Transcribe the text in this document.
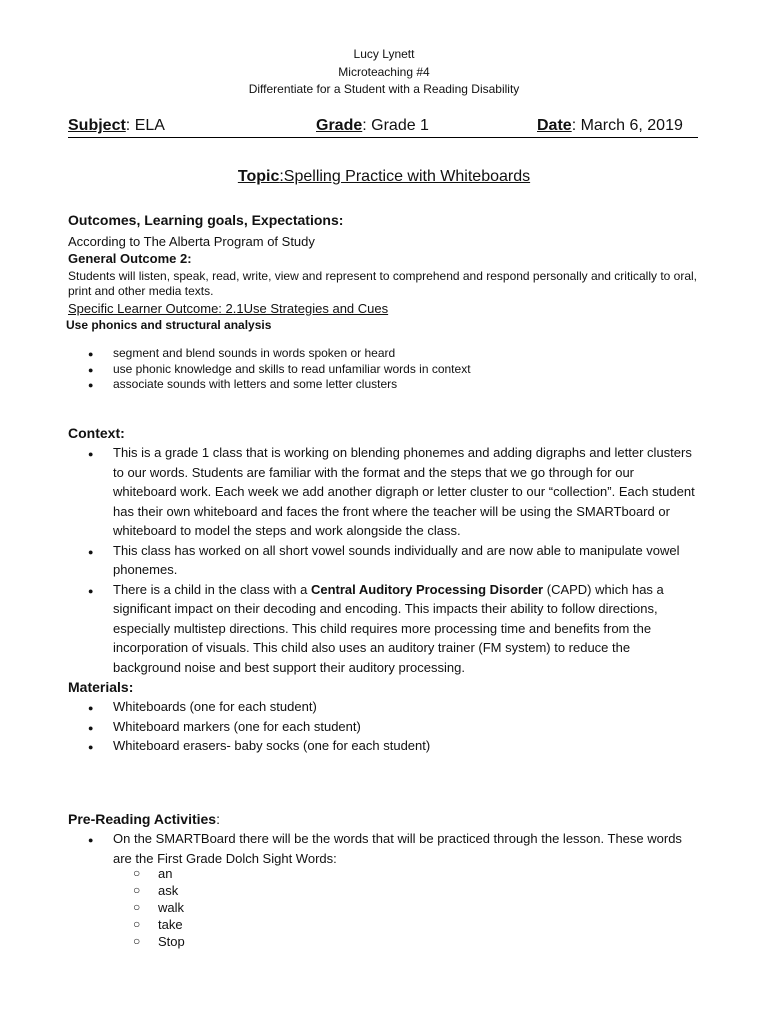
Lucy Lynett
Microteaching #4
Differentiate for a Student with a Reading Disability
Subject: ELA	Grade: Grade 1	Date: March 6, 2019
Topic:Spelling Practice with Whiteboards
Outcomes, Learning goals, Expectations:
According to The Alberta Program of Study
General Outcome 2:
Students will listen, speak, read, write, view and represent to comprehend and respond personally and critically to oral, print and other media texts.
Specific Learner Outcome: 2.1Use Strategies and Cues
Use phonics and structural analysis
● segment and blend sounds in words spoken or heard
● use phonic knowledge and skills to read unfamiliar words in context
● associate sounds with letters and some letter clusters
Context:
● This is a grade 1 class that is working on blending phonemes and adding digraphs and letter clusters to our words. Students are familiar with the format and the steps that we go through for our whiteboard work. Each week we add another digraph or letter cluster to our “collection”. Each student has their own whiteboard and faces the front where the teacher will be using the SMARTboard or whiteboard to model the steps and work alongside the class.
● This class has worked on all short vowel sounds individually and are now able to manipulate vowel phonemes.
● There is a child in the class with a Central Auditory Processing Disorder (CAPD) which has a significant impact on their decoding and encoding. This impacts their ability to follow directions, especially multistep directions. This child requires more processing time and benefits from the incorporation of visuals. This child also uses an auditory trainer (FM system) to reduce the background noise and best support their auditory processing.
Materials:
● Whiteboards (one for each student)
● Whiteboard markers (one for each student)
● Whiteboard erasers- baby socks (one for each student)
Pre-Reading Activities:
● On the SMARTBoard there will be the words that will be practiced through the lesson. These words are the First Grade Dolch Sight Words:
○ an
○ ask
○ walk
○ take
○ Stop
